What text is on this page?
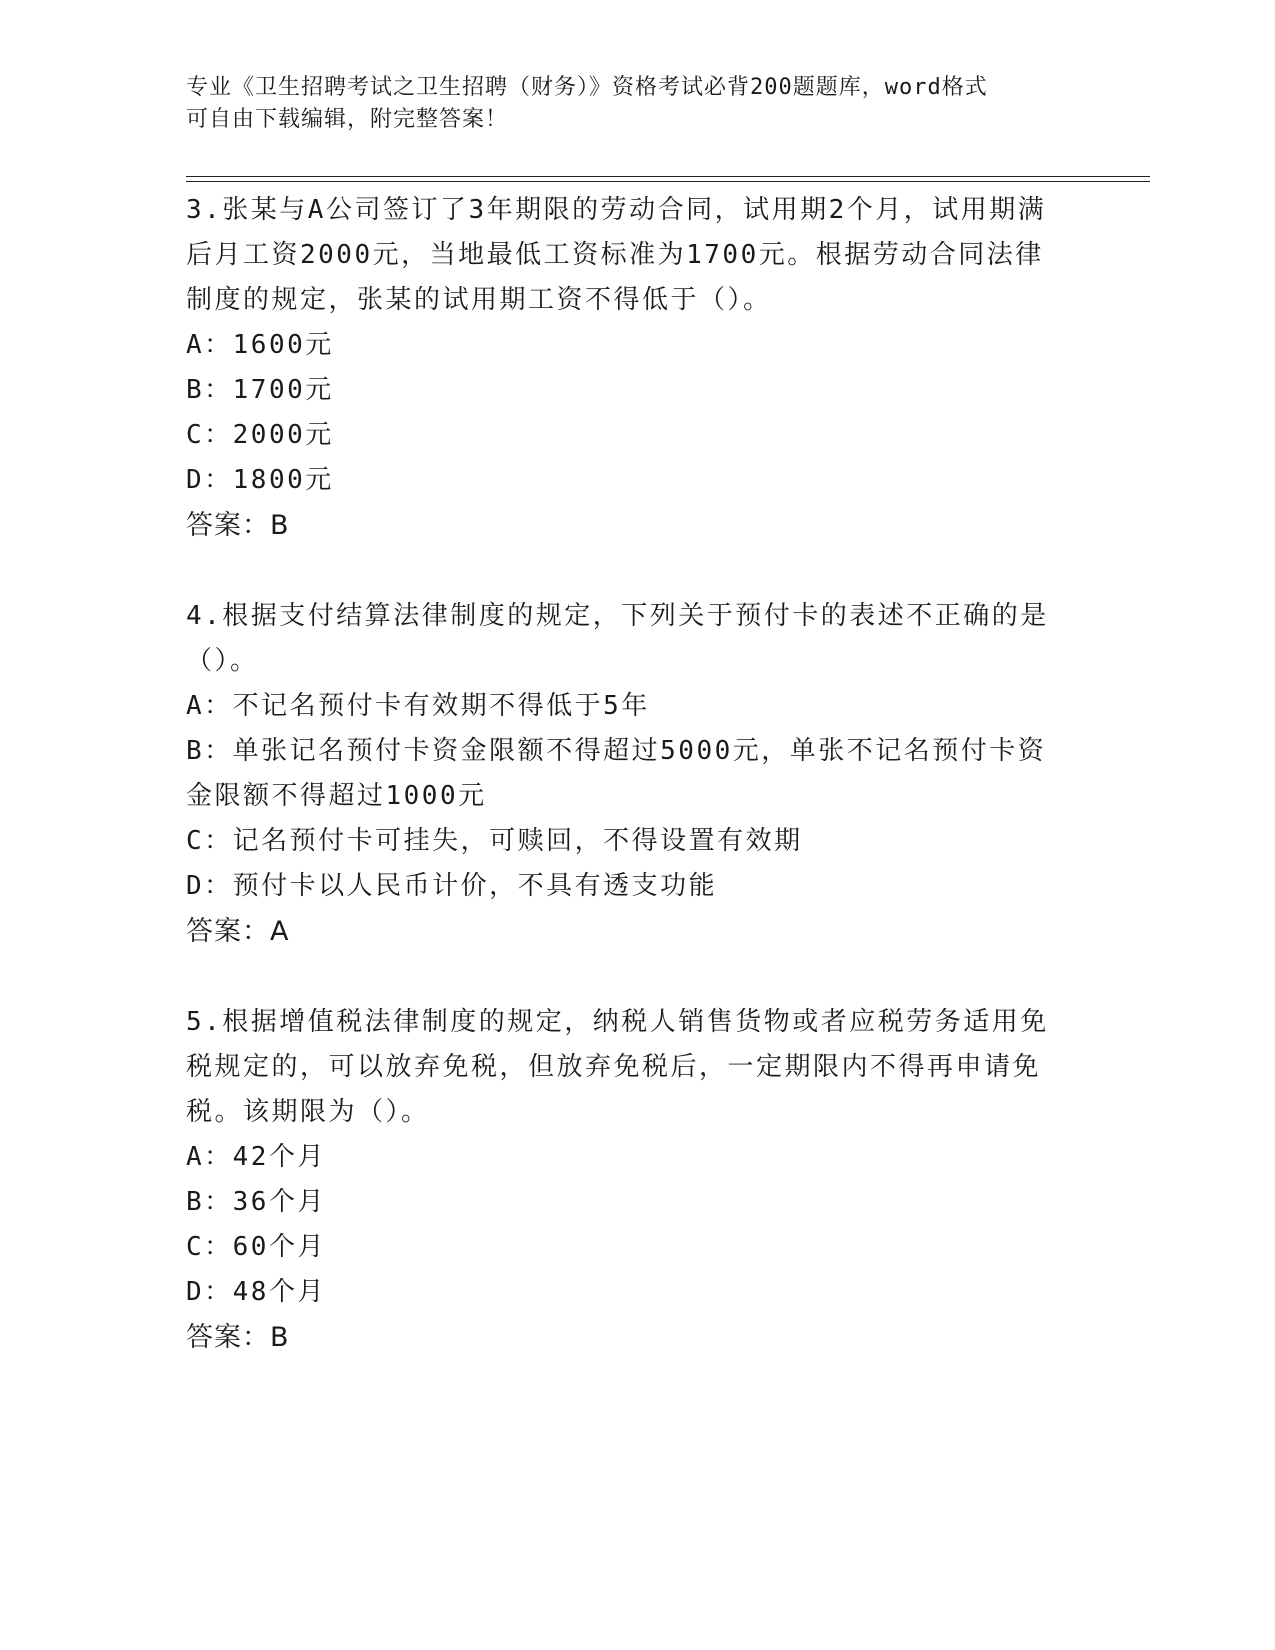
专业《卫生招聘考试之卫生招聘（财务）》资格考试必背200题题库，word格式
可自由下载编辑，附完整答案！

3.张某与A公司签订了3年期限的劳动合同，试用期2个月，试用期满后月工资2000元，当地最低工资标准为1700元。根据劳动合同法律制度的规定，张某的试用期工资不得低于（）。

A：1600元

B：1700元

C：2000元

D：1800元

答案：B

4.根据支付结算法律制度的规定，下列关于预付卡的表述不正确的是（）。

A：不记名预付卡有效期不得低于5年

B：单张记名预付卡资金限额不得超过5000元，单张不记名预付卡资金限额不得超过1000元

C：记名预付卡可挂失，可赎回，不得设置有效期

D：预付卡以人民币计价，不具有透支功能

答案：A

5.根据增值税法律制度的规定，纳税人销售货物或者应税劳务适用免税规定的，可以放弃免税，但放弃免税后，一定期限内不得再申请免税。该期限为（）。

A：42个月

B：36个月

C：60个月

D：48个月

答案：B
